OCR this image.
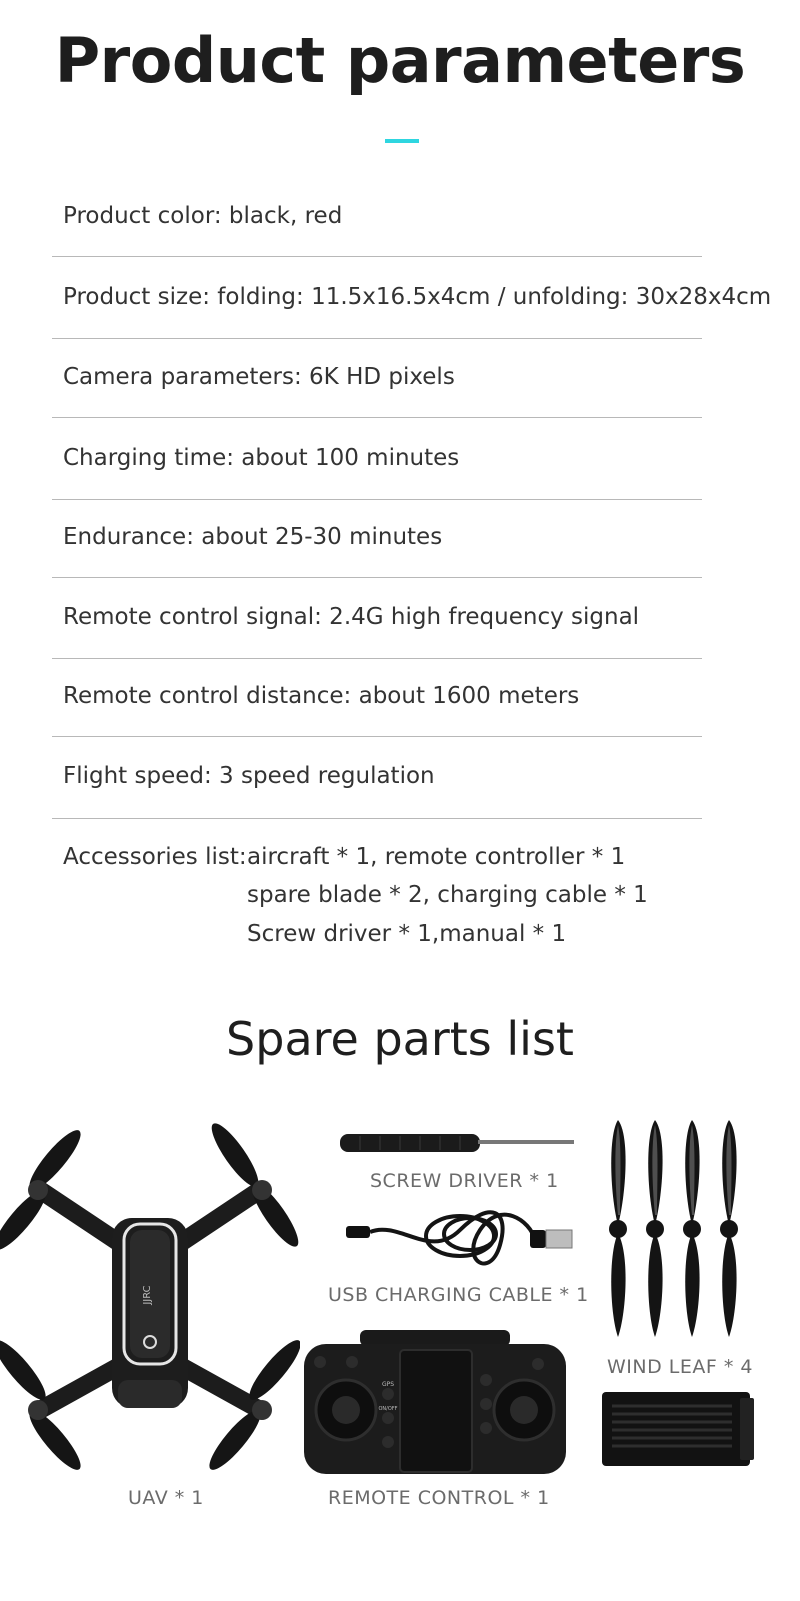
Product parameters
Product color: black, red
Product size: folding: 11.5x16.5x4cm / unfolding: 30x28x4cm
Camera parameters: 6K HD pixels
Charging time: about 100 minutes
Endurance: about 25-30 minutes
Remote control signal: 2.4G high frequency signal
Remote control distance: about 1600 meters
Flight speed: 3 speed regulation
Accessories list: aircraft * 1, remote controller * 1
spare blade * 2, charging cable * 1
Screw driver * 1,manual * 1
Spare parts list
JJRC
UAV * 1
SCREW DRIVER * 1
USB CHARGING CABLE * 1
WIND LEAF * 4
GPS
ON/OFF
REMOTE CONTROL * 1
